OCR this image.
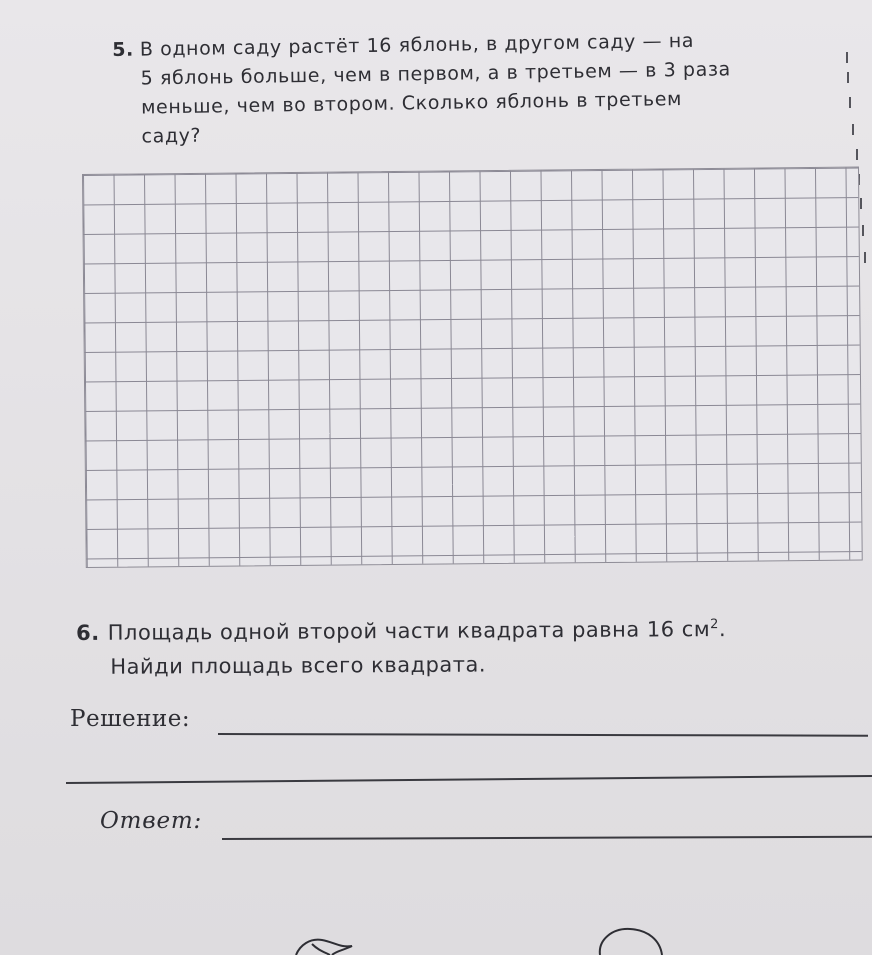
5. В одном саду растёт 16 яблонь, в другом саду — на
5 яблонь больше, чем в первом, а в третьем — в 3 раза
меньше, чем во втором. Сколько яблонь в третьем
саду?
6. Площадь одной второй части квадрата равна 16 $см^2$.
Найди площадь всего квадрата.
Решение:
Ответ:
